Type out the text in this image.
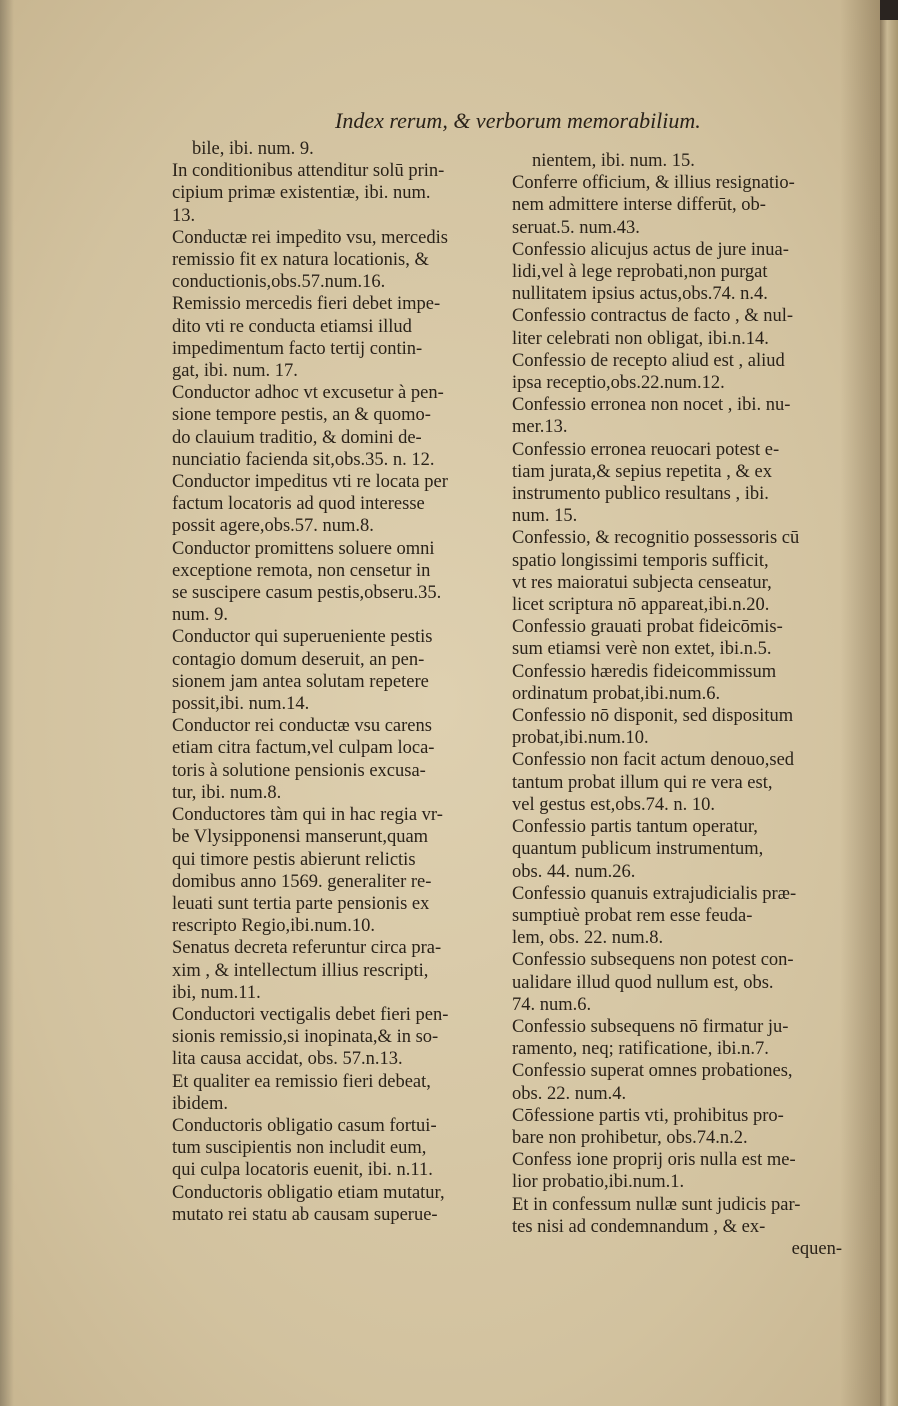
Index rerum, & verborum memorabilium.

bile, ibi. num. 9.

In conditionibus attenditur solū prin-
cipium primæ existentiæ, ibi. num.
13.

Conductæ rei impedito vsu, mercedis
remissio fit ex natura locationis, &
conductionis,obs.57.num.16.

Remissio mercedis fieri debet impe-
dito vti re conducta etiamsi illud
impedimentum facto tertij contin-
gat, ibi. num. 17.

Conductor adhoc vt excusetur à pen-
sione tempore pestis, an & quomo-
do clauium traditio, & domini de-
nunciatio facienda sit,obs.35. n. 12.

Conductor impeditus vti re locata per
factum locatoris ad quod interesse
possit agere,obs.57. num.8.

Conductor promittens soluere omni
exceptione remota, non censetur in
se suscipere casum pestis,obseru.35.
num. 9.

Conductor qui superueniente pestis
contagio domum deseruit, an pen-
sionem jam antea solutam repetere
possit,ibi. num.14.

Conductor rei conductæ vsu carens
etiam citra factum,vel culpam loca-
toris à solutione pensionis excusa-
tur, ibi. num.8.

Conductores tàm qui in hac regia vr-
be Vlysipponensi manserunt,quam
qui timore pestis abierunt relictis
domibus anno 1569. generaliter re-
leuati sunt tertia parte pensionis ex
rescripto Regio,ibi.num.10.

Senatus decreta referuntur circa pra-
xim , & intellectum illius rescripti,
ibi, num.11.

Conductori vectigalis debet fieri pen-
sionis remissio,si inopinata,& in so-
lita causa accidat, obs. 57.n.13.

Et qualiter ea remissio fieri debeat,
ibidem.

Conductoris obligatio casum fortui-
tum suscipientis non includit eum,
qui culpa locatoris euenit, ibi. n.11.

Conductoris obligatio etiam mutatur,
mutato rei statu ab causam superue-

nientem, ibi. num. 15.

Conferre officium, & illius resignatio-
nem admittere interse differūt, ob-
seruat.5. num.43.

Confessio alicujus actus de jure inua-
lidi,vel à lege reprobati,non purgat
nullitatem ipsius actus,obs.74. n.4.

Confessio contractus de facto , & nul-
liter celebrati non obligat, ibi.n.14.

Confessio de recepto aliud est , aliud
ipsa receptio,obs.22.num.12.

Confessio erronea non nocet , ibi. nu-
mer.13.

Confessio erronea reuocari potest e-
tiam jurata,& sepius repetita , & ex
instrumento publico resultans , ibi.
num. 15.

Confessio, & recognitio possessoris cū
spatio longissimi temporis sufficit,
vt res maioratui subjecta censeatur,
licet scriptura nō appareat,ibi.n.20.

Confessio grauati probat fideicōmis-
sum etiamsi verè non extet, ibi.n.5.

Confessio hæredis fideicommissum
ordinatum probat,ibi.num.6.

Confessio nō disponit, sed dispositum
probat,ibi.num.10.

Confessio non facit actum denouo,sed
tantum probat illum qui re vera est,
vel gestus est,obs.74. n. 10.

Confessio partis tantum operatur,
quantum publicum instrumentum,
obs. 44. num.26.

Confessio quanuis extrajudicialis præ-
sumptiuè probat rem esse feuda-
lem, obs. 22. num.8.

Confessio subsequens non potest con-
ualidare illud quod nullum est, obs.
74. num.6.

Confessio subsequens nō firmatur ju-
ramento, neq; ratificatione, ibi.n.7.

Confessio superat omnes probationes,
obs. 22. num.4.

Cōfessione partis vti, prohibitus pro-
bare non prohibetur, obs.74.n.2.

Confess ione proprij oris nulla est me-
lior probatio,ibi.num.1.

Et in confessum nullæ sunt judicis par-
tes nisi ad condemnandum , & ex-

equen-
